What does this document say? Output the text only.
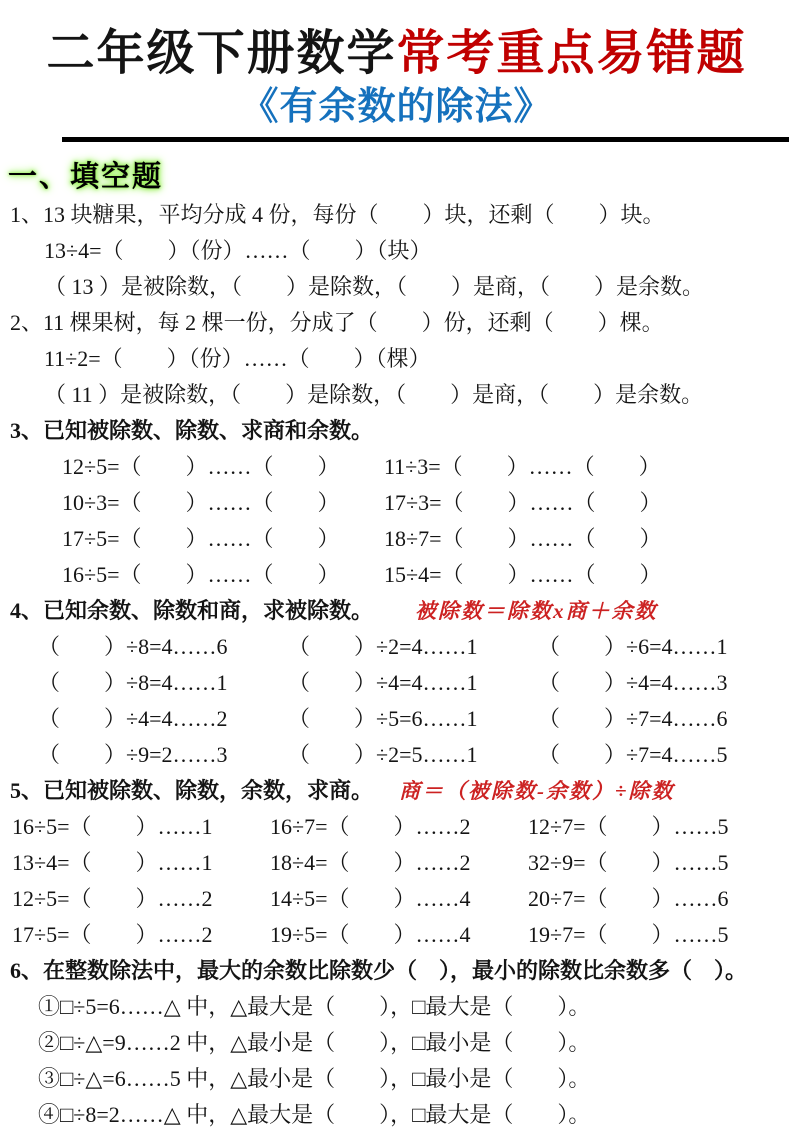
二年级下册数学常考重点易错题
《有余数的除法》
一、填空题
1、13 块糖果，平均分成 4 份，每份（　　）块，还剩（　　）块。
13÷4=（　　）（份）……（　　）（块）
（ 13 ）是被除数，（　　）是除数，（　　）是商，（　　）是余数。
2、11 棵果树，每 2 棵一份，分成了（　　）份，还剩（　　）棵。
11÷2=（　　）（份）……（　　）（棵）
（ 11 ）是被除数，（　　）是除数，（　　）是商，（　　）是余数。
3、已知被除数、除数、求商和余数。
12÷5=（　　）……（　　）	11÷3=（　　）……（　　）
10÷3=（　　）……（　　）	17÷3=（　　）……（　　）
17÷5=（　　）……（　　）	18÷7=（　　）……（　　）
16÷5=（　　）……（　　）	15÷4=（　　）……（　　）
4、已知余数、除数和商，求被除数。 被除数＝除数x商＋余数
（　　）÷8=4……6	（　　）÷2=4……1	（　　）÷6=4……1
（　　）÷8=4……1	（　　）÷4=4……1	（　　）÷4=4……3
（　　）÷4=4……2	（　　）÷5=6……1	（　　）÷7=4……6
（　　）÷9=2……3	（　　）÷2=5……1	（　　）÷7=4……5
5、已知被除数、除数，余数，求商。 商＝（被除数-余数）÷除数
16÷5=（　　）……1	16÷7=（　　）……2	12÷7=（　　）……5
13÷4=（　　）……1	18÷4=（　　）……2	32÷9=（　　）……5
12÷5=（　　）……2	14÷5=（　　）……4	20÷7=（　　）……6
17÷5=（　　）……2	19÷5=（　　）……4	19÷7=（　　）……5
6、在整数除法中，最大的余数比除数少（　），最小的除数比余数多（　）。
①□÷5=6……△ 中，△最大是（　　），□最大是（　　）。
②□÷△=9……2 中，△最小是（　　），□最小是（　　）。
③□÷△=6……5 中，△最小是（　　），□最小是（　　）。
④□÷8=2……△ 中，△最大是（　　），□最大是（　　）。
